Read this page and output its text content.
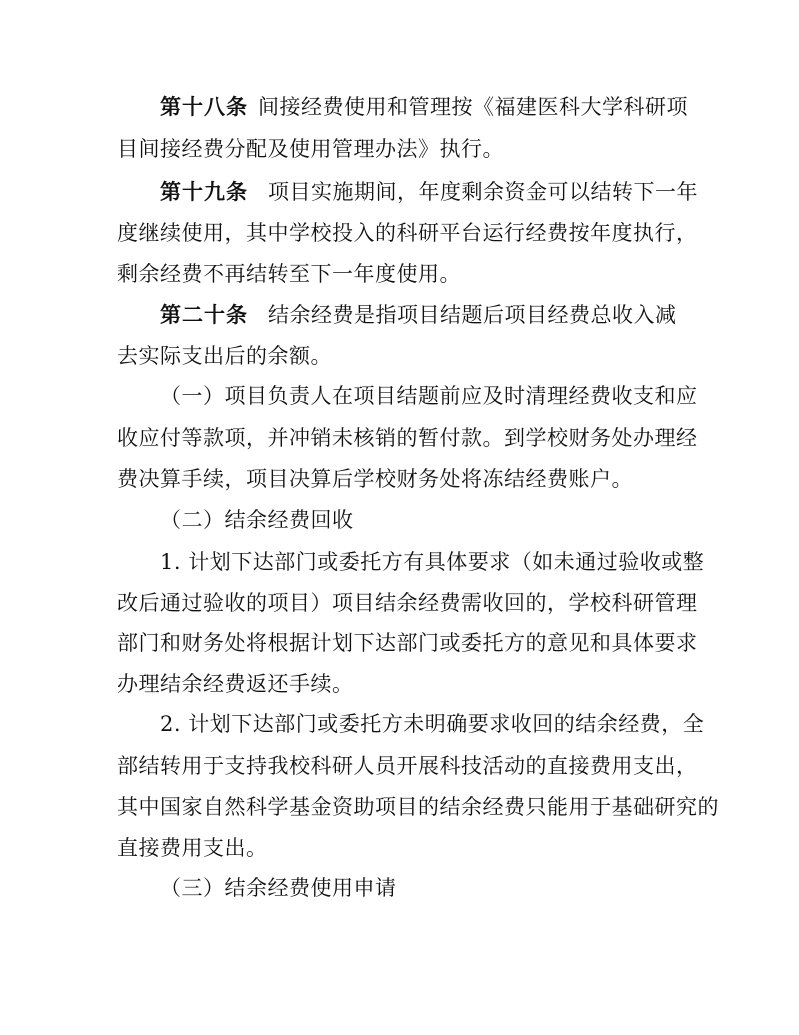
第十八条 间接经费使用和管理按《福建医科大学科研项
目间接经费分配及使用管理办法》执行。
第十九条 项目实施期间，年度剩余资金可以结转下一年
度继续使用，其中学校投入的科研平台运行经费按年度执行，
剩余经费不再结转至下一年度使用。
第二十条 结余经费是指项目结题后项目经费总收入减
去实际支出后的余额。
（一）项目负责人在项目结题前应及时清理经费收支和应
收应付等款项，并冲销未核销的暂付款。到学校财务处办理经
费决算手续，项目决算后学校财务处将冻结经费账户。
（二）结余经费回收
1. 计划下达部门或委托方有具体要求（如未通过验收或整
改后通过验收的项目）项目结余经费需收回的，学校科研管理
部门和财务处将根据计划下达部门或委托方的意见和具体要求
办理结余经费返还手续。
2. 计划下达部门或委托方未明确要求收回的结余经费，全
部结转用于支持我校科研人员开展科技活动的直接费用支出，
其中国家自然科学基金资助项目的结余经费只能用于基础研究的
直接费用支出。
（三）结余经费使用申请
